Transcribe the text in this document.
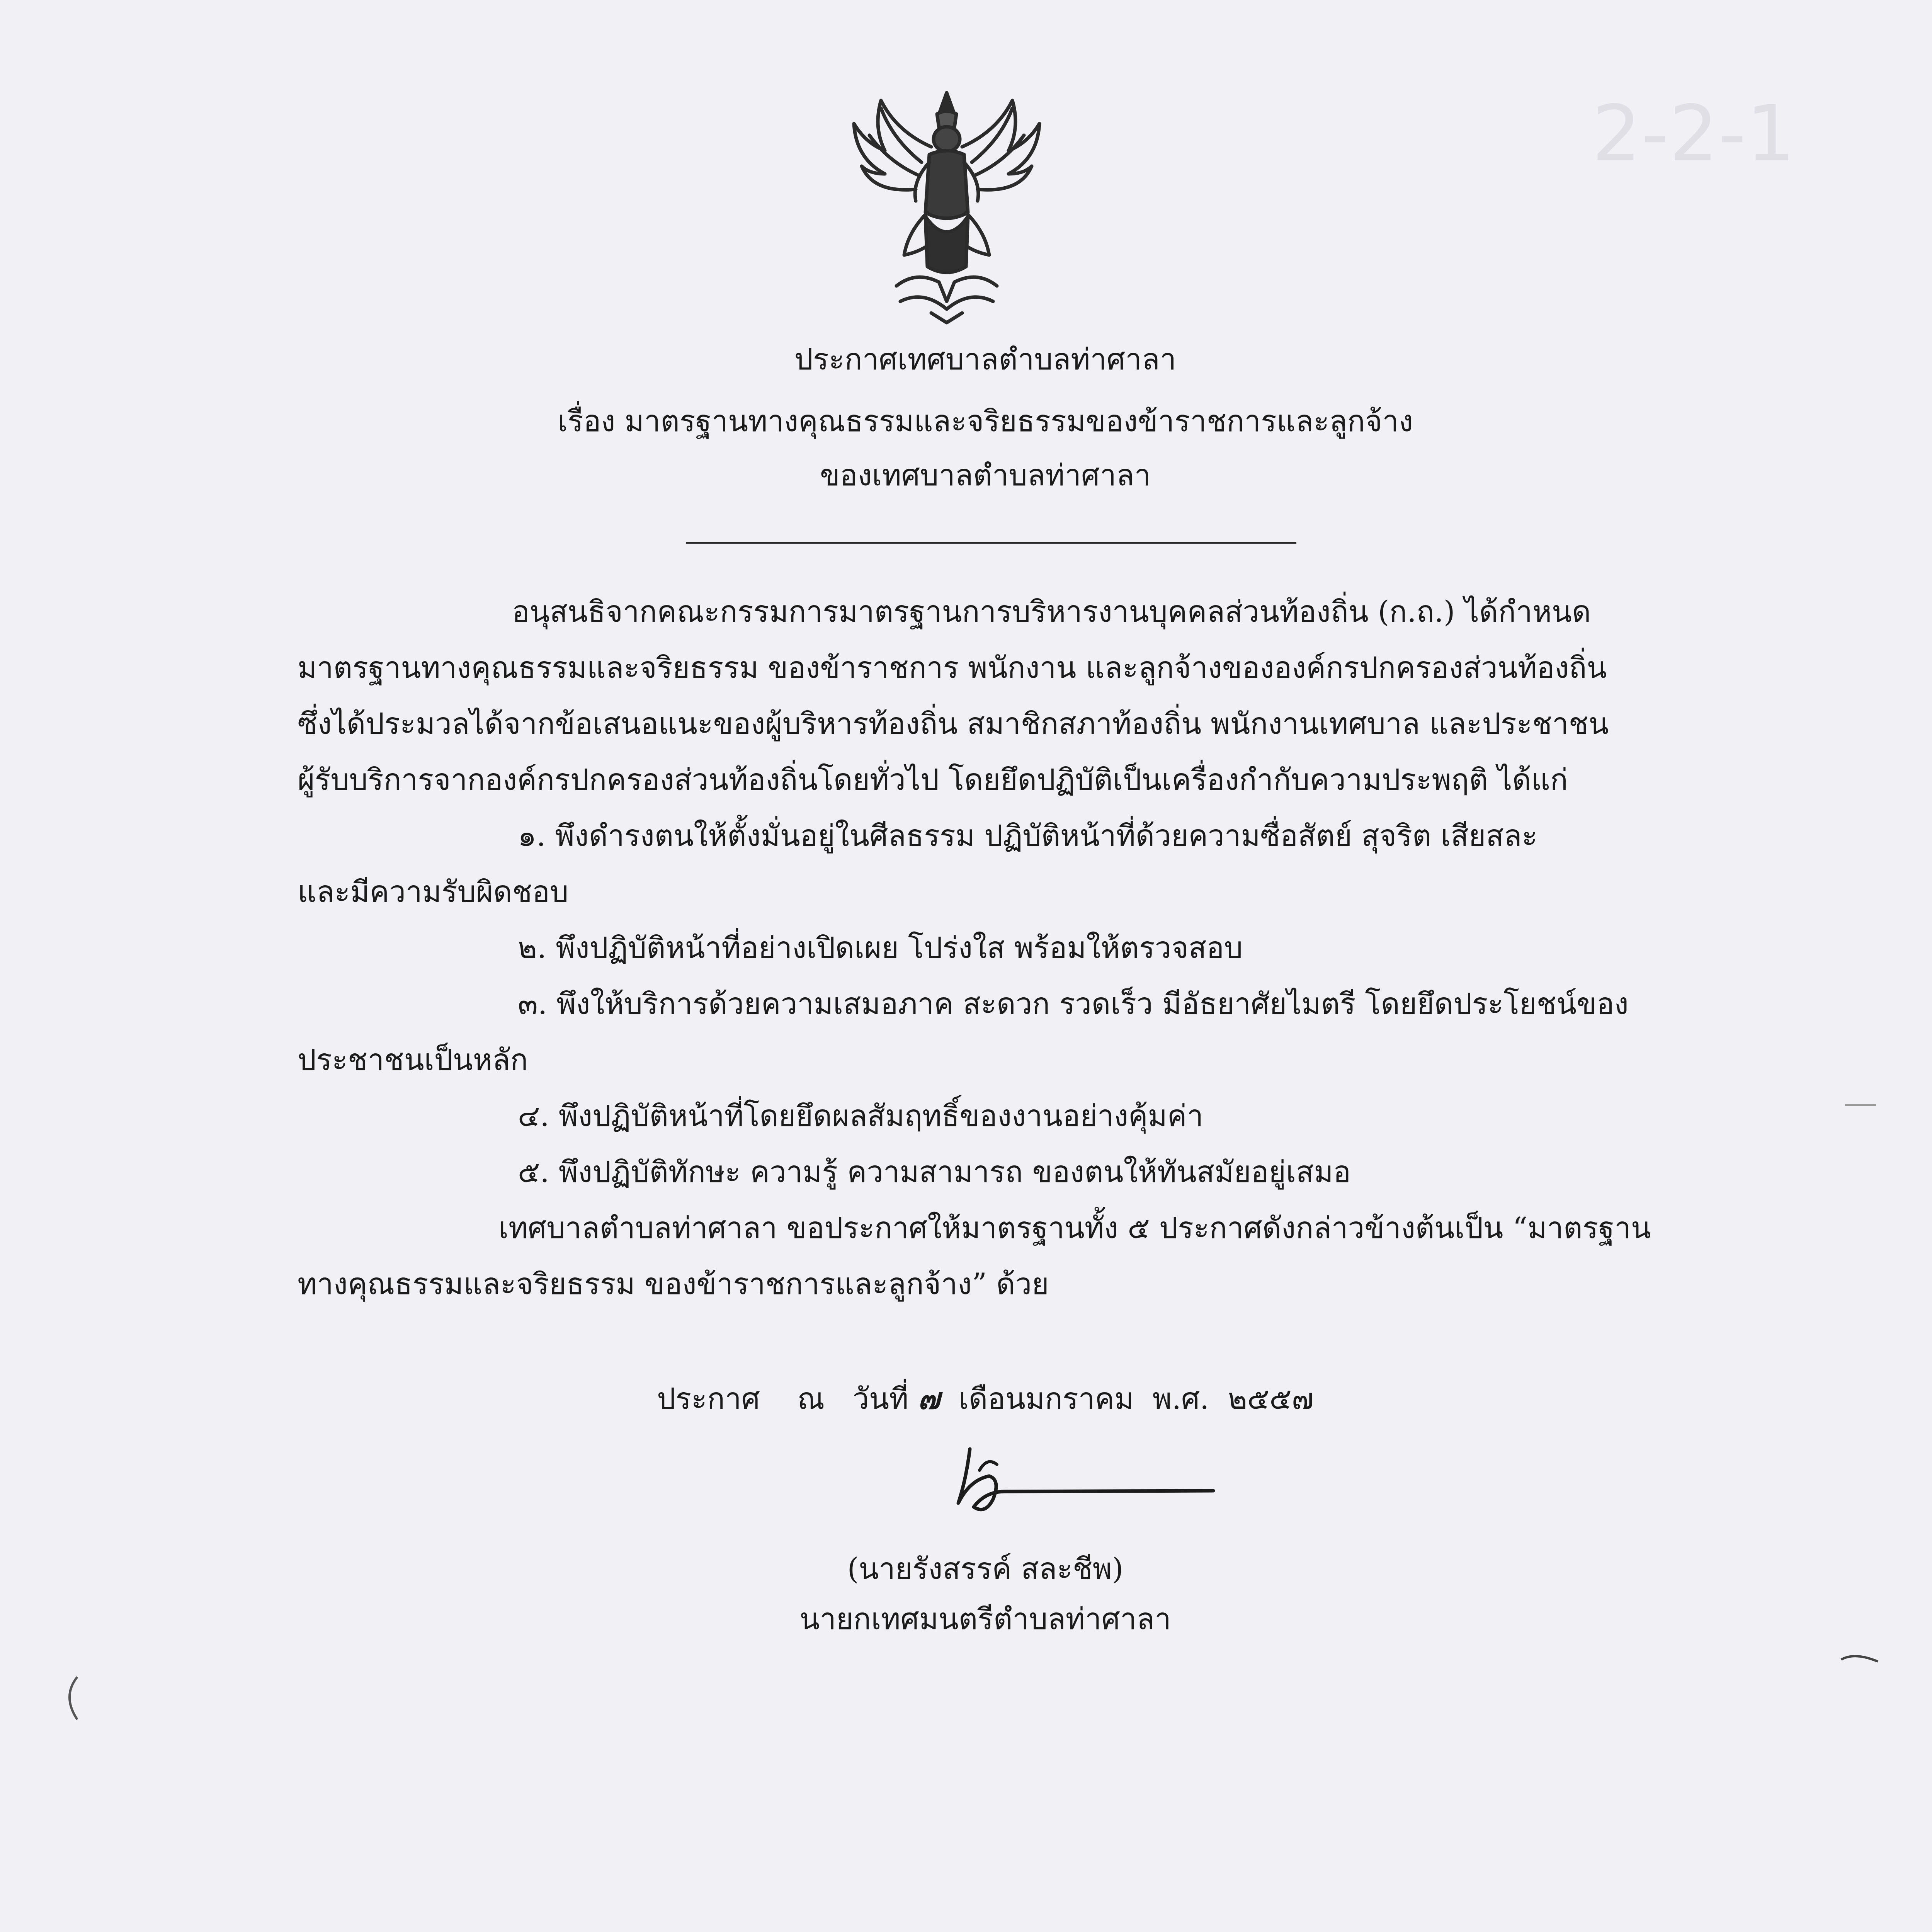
2-2-1
ประกาศเทศบาลตำบลท่าศาลา
เรื่อง มาตรฐานทางคุณธรรมและจริยธรรมของข้าราชการและลูกจ้าง
ของเทศบาลตำบลท่าศาลา
อนุสนธิจากคณะกรรมการมาตรฐานการบริหารงานบุคคลส่วนท้องถิ่น (ก.ถ.) ได้กำหนด
มาตรฐานทางคุณธรรมและจริยธรรม ของข้าราชการ พนักงาน และลูกจ้างขององค์กรปกครองส่วนท้องถิ่น
ซึ่งได้ประมวลได้จากข้อเสนอแนะของผู้บริหารท้องถิ่น สมาชิกสภาท้องถิ่น พนักงานเทศบาล และประชาชน
ผู้รับบริการจากองค์กรปกครองส่วนท้องถิ่นโดยทั่วไป โดยยึดปฏิบัติเป็นเครื่องกำกับความประพฤติ ได้แก่
๑. พึงดำรงตนให้ตั้งมั่นอยู่ในศีลธรรม ปฏิบัติหน้าที่ด้วยความซื่อสัตย์ สุจริต เสียสละ
และมีความรับผิดชอบ
๒. พึงปฏิบัติหน้าที่อย่างเปิดเผย โปร่งใส พร้อมให้ตรวจสอบ
๓. พึงให้บริการด้วยความเสมอภาค สะดวก รวดเร็ว มีอัธยาศัยไมตรี โดยยึดประโยชน์ของ
ประชาชนเป็นหลัก
๔. พึงปฏิบัติหน้าที่โดยยึดผลสัมฤทธิ์ของงานอย่างคุ้มค่า
๕. พึงปฏิบัติทักษะ ความรู้ ความสามารถ ของตนให้ทันสมัยอยู่เสมอ
เทศบาลตำบลท่าศาลา ขอประกาศให้มาตรฐานทั้ง ๕ ประกาศดังกล่าวข้างต้นเป็น “มาตรฐาน
ทางคุณธรรมและจริยธรรม ของข้าราชการและลูกจ้าง” ด้วย
ประกาศ    ณ   วันที่ ๗  เดือนมกราคม  พ.ศ.  ๒๕๕๗
(นายรังสรรค์ สละชีพ)
นายกเทศมนตรีตำบลท่าศาลา
